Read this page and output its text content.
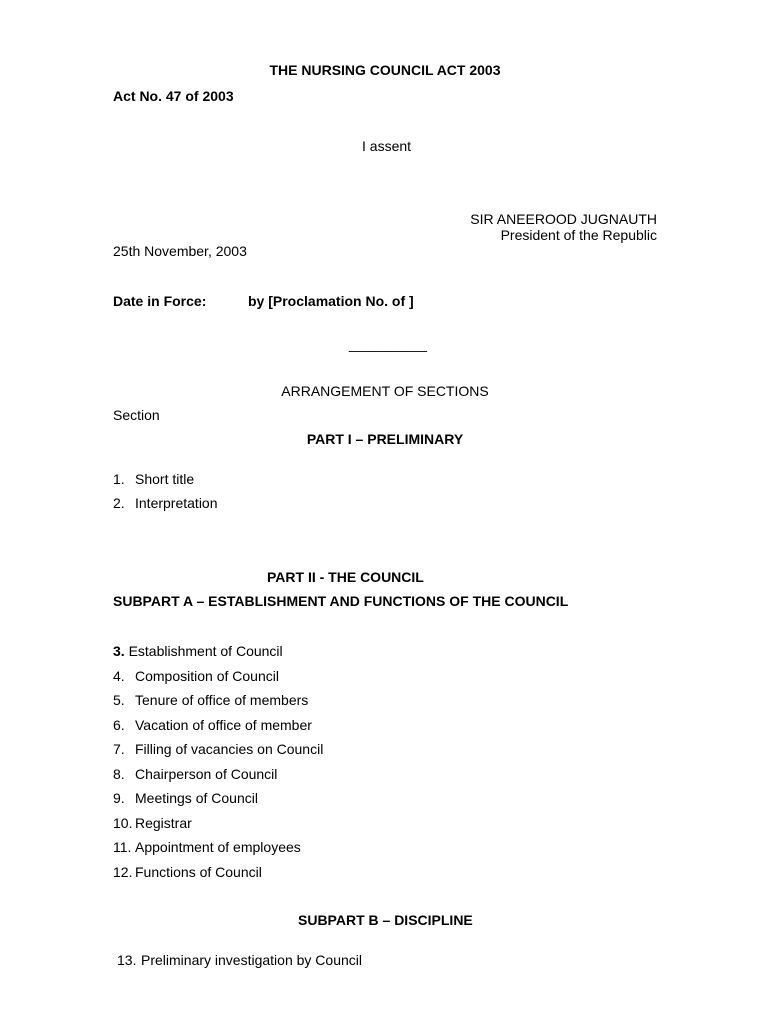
THE NURSING COUNCIL ACT 2003
Act No. 47 of 2003
I assent
SIR ANEEROOD JUGNAUTH
President of the Republic
25th November, 2003
Date in Force:	by [Proclamation No. of ]
__________
ARRANGEMENT OF SECTIONS
Section
PART I – PRELIMINARY
1. Short title
2. Interpretation
PART II - THE COUNCIL
SUBPART A – ESTABLISHMENT AND FUNCTIONS OF THE COUNCIL
3. Establishment of Council
4. Composition of Council
5. Tenure of office of members
6. Vacation of office of member
7. Filling of vacancies on Council
8. Chairperson of Council
9. Meetings of Council
10. Registrar
11. Appointment of employees
12. Functions of Council
SUBPART B – DISCIPLINE
13. Preliminary investigation by Council
